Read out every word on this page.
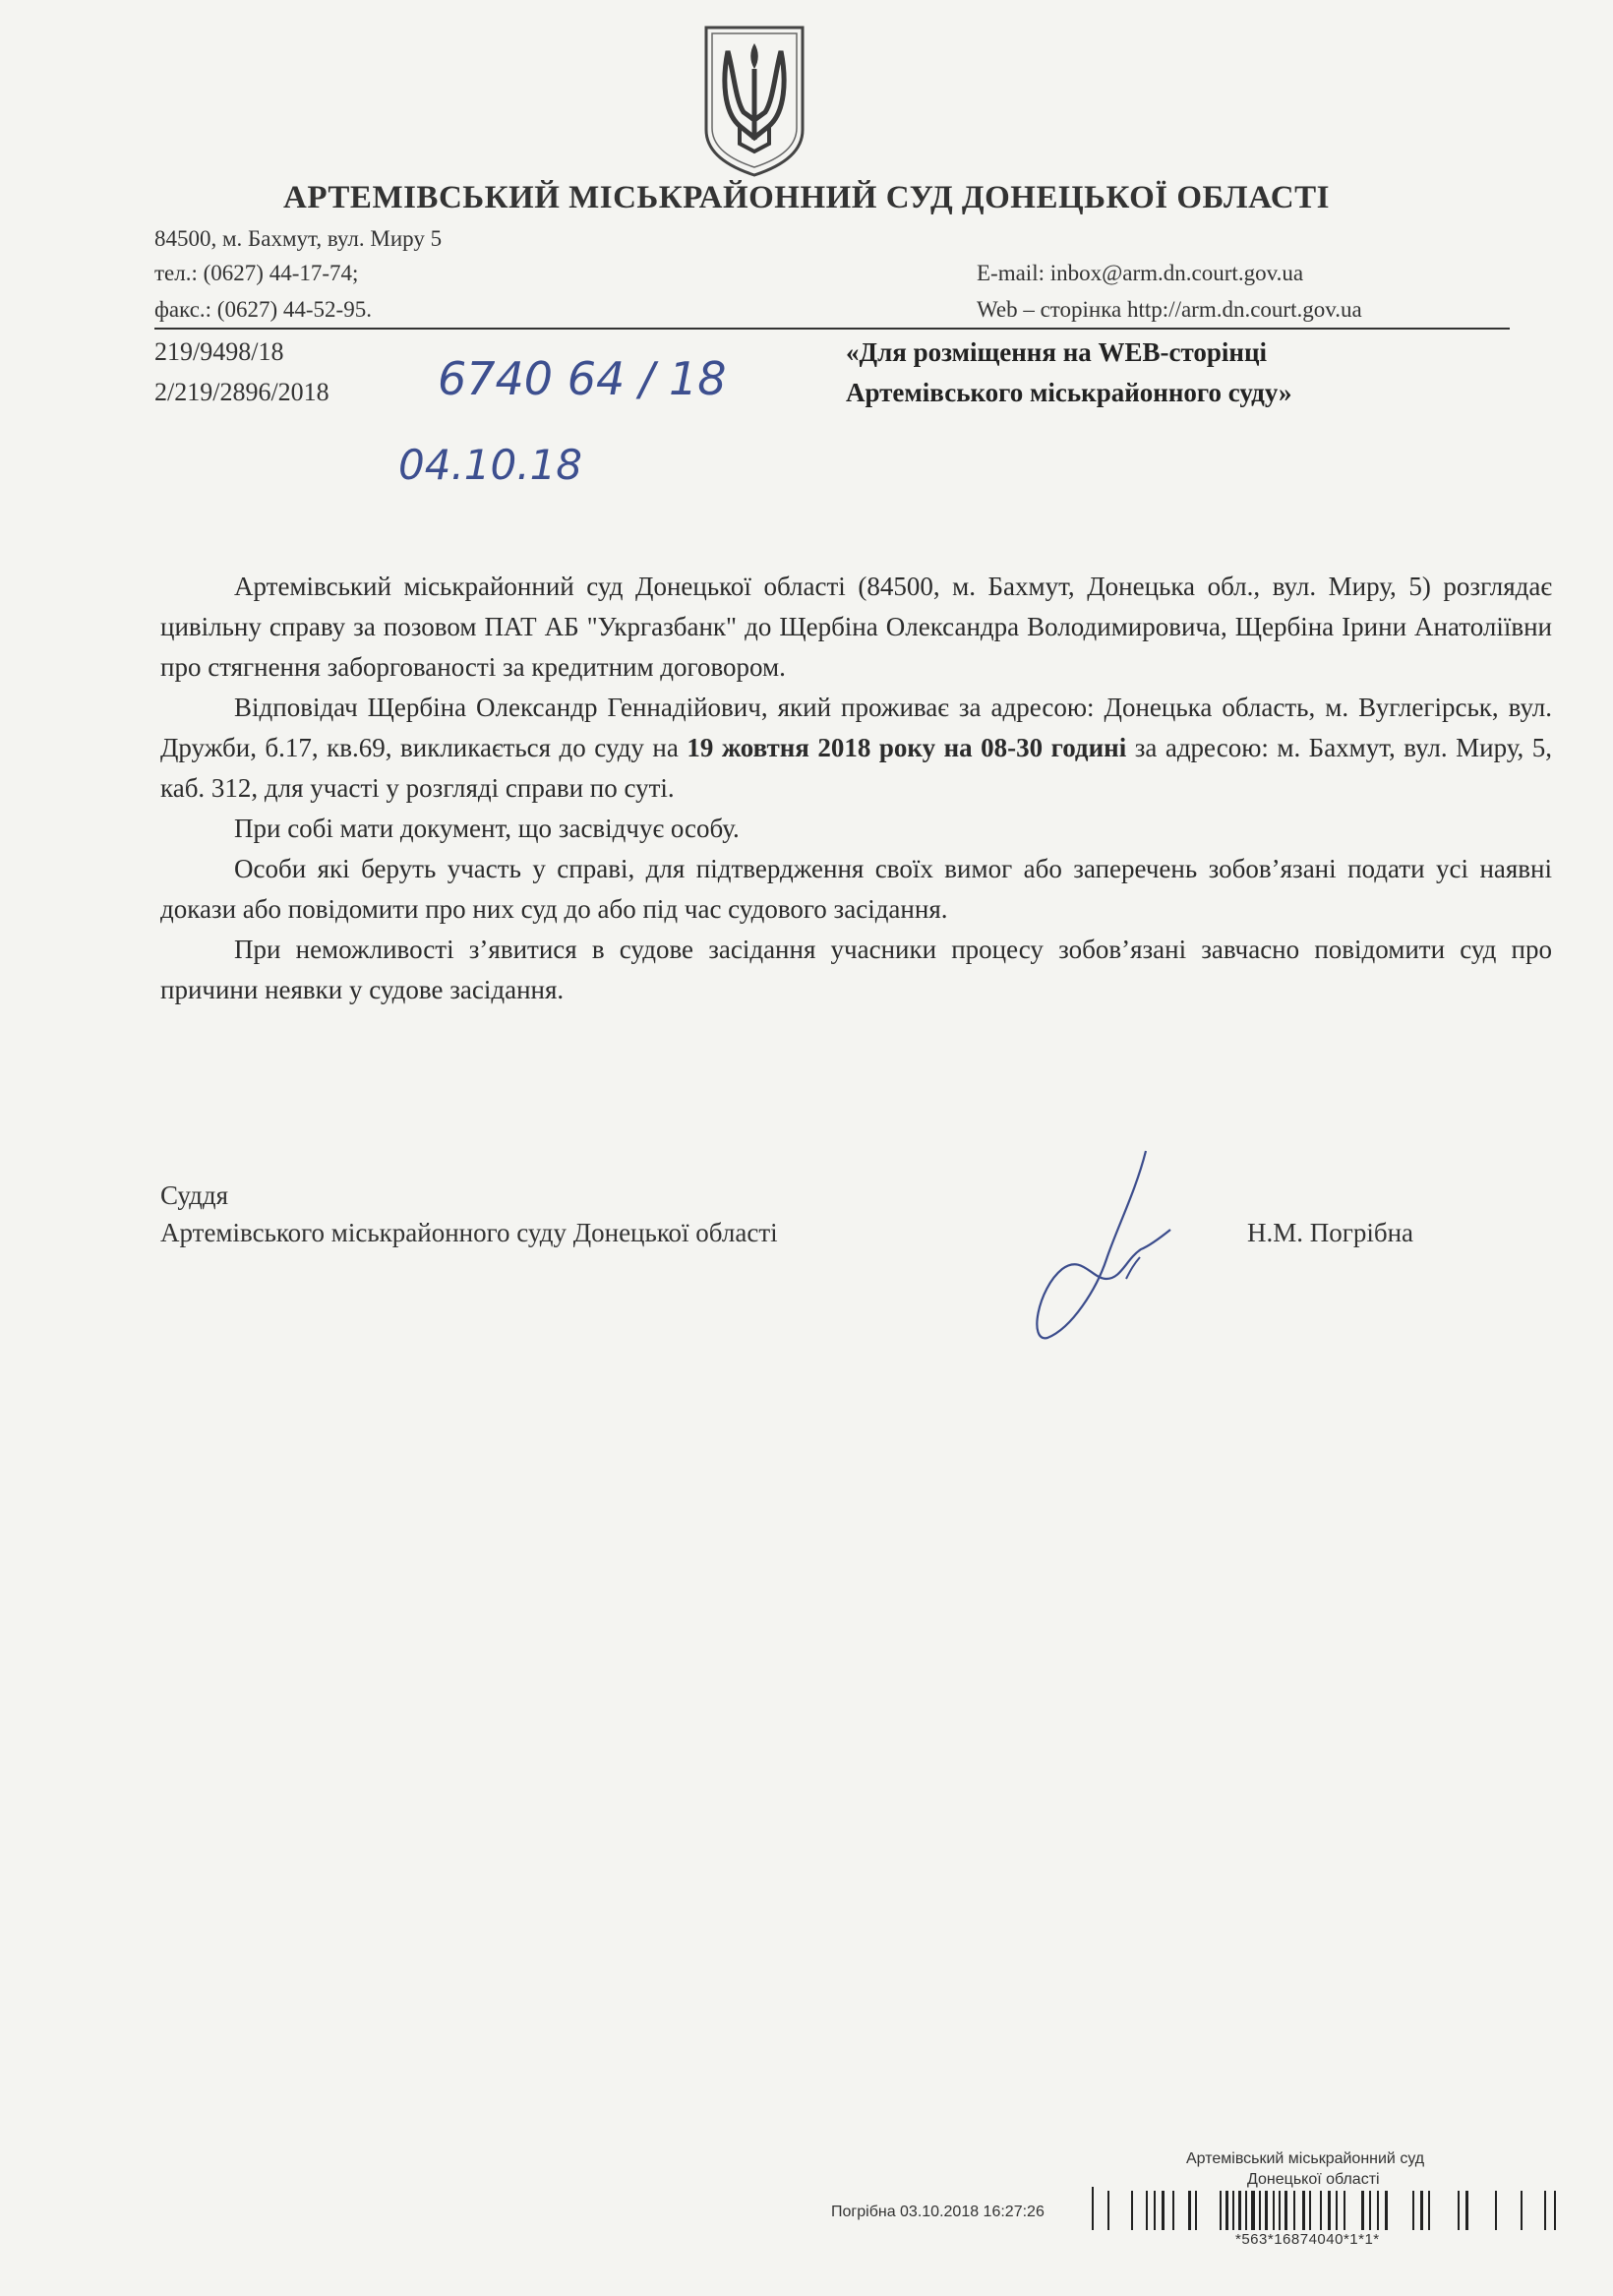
АРТЕМІВСЬКИЙ МІСЬКРАЙОННИЙ СУД ДОНЕЦЬКОЇ ОБЛАСТІ
84500, м. Бахмут, вул. Миру 5
тел.: (0627) 44-17-74;
факс.: (0627) 44-52-95.
E-mail: inbox@arm.dn.court.gov.ua
Web – сторінка http://arm.dn.court.gov.ua
219/9498/18
2/219/2896/2018 6740 64 / 18
04.10.18
«Для розміщення на WEB-сторінці
Артемівського міськрайонного суду»

Артемівський міськрайонний суд Донецької області (84500, м. Бахмут, Донецька обл., вул. Миру, 5) розглядає цивільну справу за позовом ПАТ АБ "Укргазбанк" до Щербіна Олександра Володимировича, Щербіна Ірини Анатоліївни про стягнення заборгованості за кредитним договором.

Відповідач Щербіна Олександр Геннадійович, який проживає за адресою: Донецька область, м. Вуглегірськ, вул. Дружби, б.17, кв.69, викликається до суду на 19 жовтня 2018 року на 08-30 годині за адресою: м. Бахмут, вул. Миру, 5, каб. 312, для участі у розгляді справи по суті.

При собі мати документ, що засвідчує особу.

Особи які беруть участь у справі, для підтвердження своїх вимог або заперечень зобов’язані подати усі наявні докази або повідомити про них суд до або під час судового засідання.

При неможливості з’явитися в судове засідання учасники процесу зобов’язані завчасно повідомити суд про причини неявки у судове засідання.

Суддя
Артемівського міськрайонного суду Донецької області	Н.М. Погрібна
Артемівський міськрайонний суд
Донецької області
Погрібна 03.10.2018 16:27:26
*563*16874040*1*1*
